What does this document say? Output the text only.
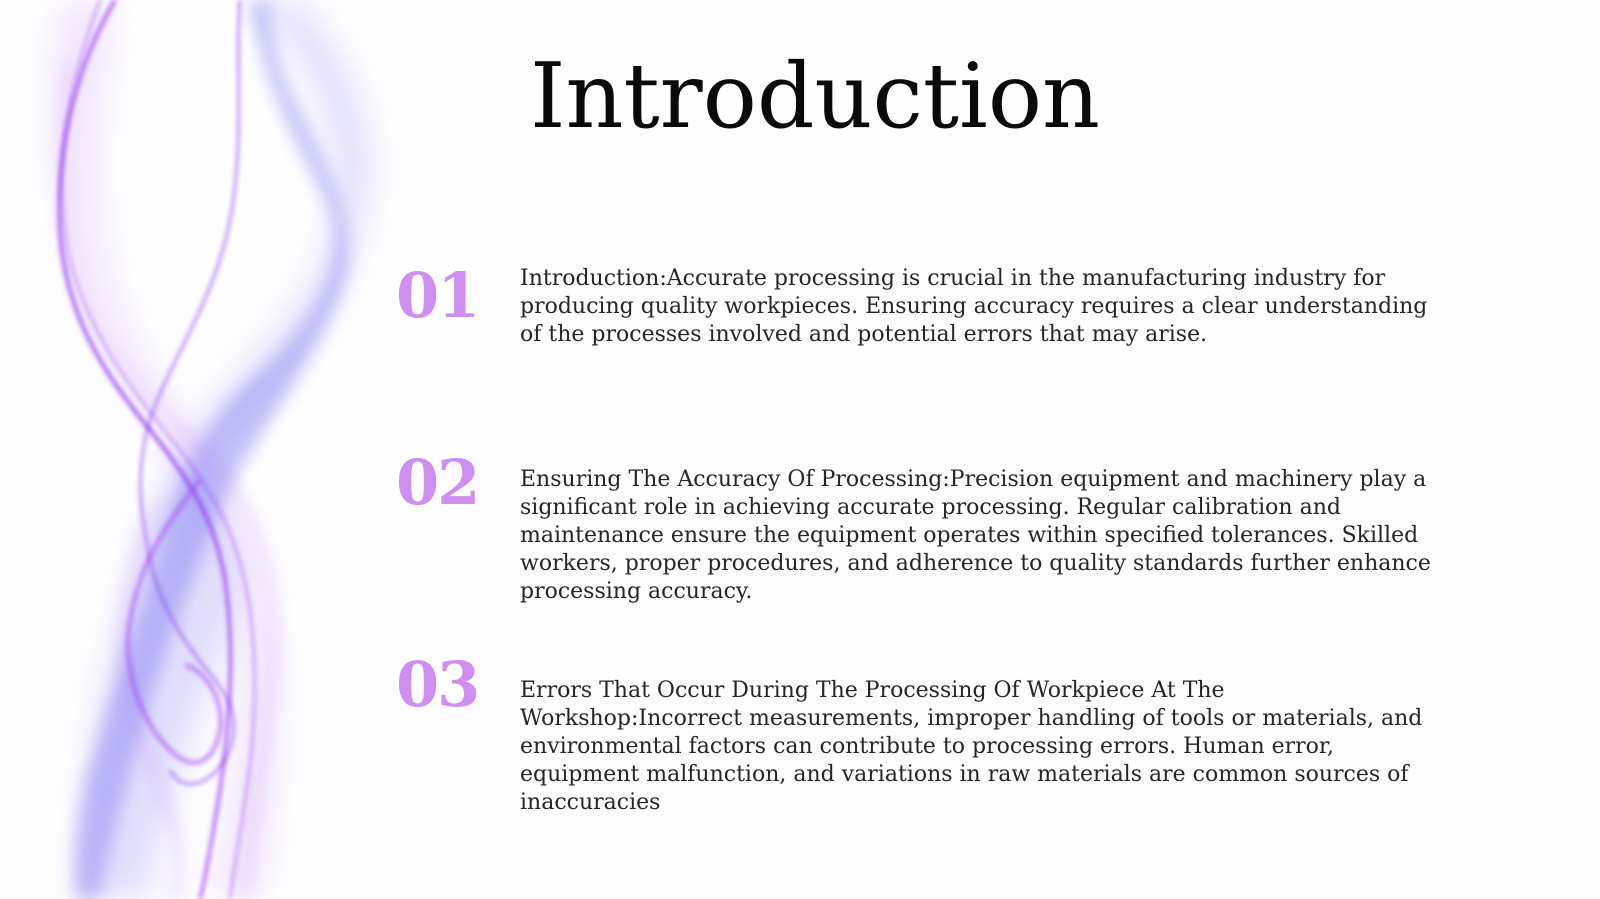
Introduction
01 Introduction:Accurate processing is crucial in the manufacturing industry for producing quality workpieces. Ensuring accuracy requires a clear understanding of the processes involved and potential errors that may arise.
02 Ensuring The Accuracy Of Processing:Precision equipment and machinery play a significant role in achieving accurate processing. Regular calibration and maintenance ensure the equipment operates within specified tolerances. Skilled workers, proper procedures, and adherence to quality standards further enhance processing accuracy.
03 Errors That Occur During The Processing Of Workpiece At The Workshop:Incorrect measurements, improper handling of tools or materials, and environmental factors can contribute to processing errors. Human error, equipment malfunction, and variations in raw materials are common sources of inaccuracies
